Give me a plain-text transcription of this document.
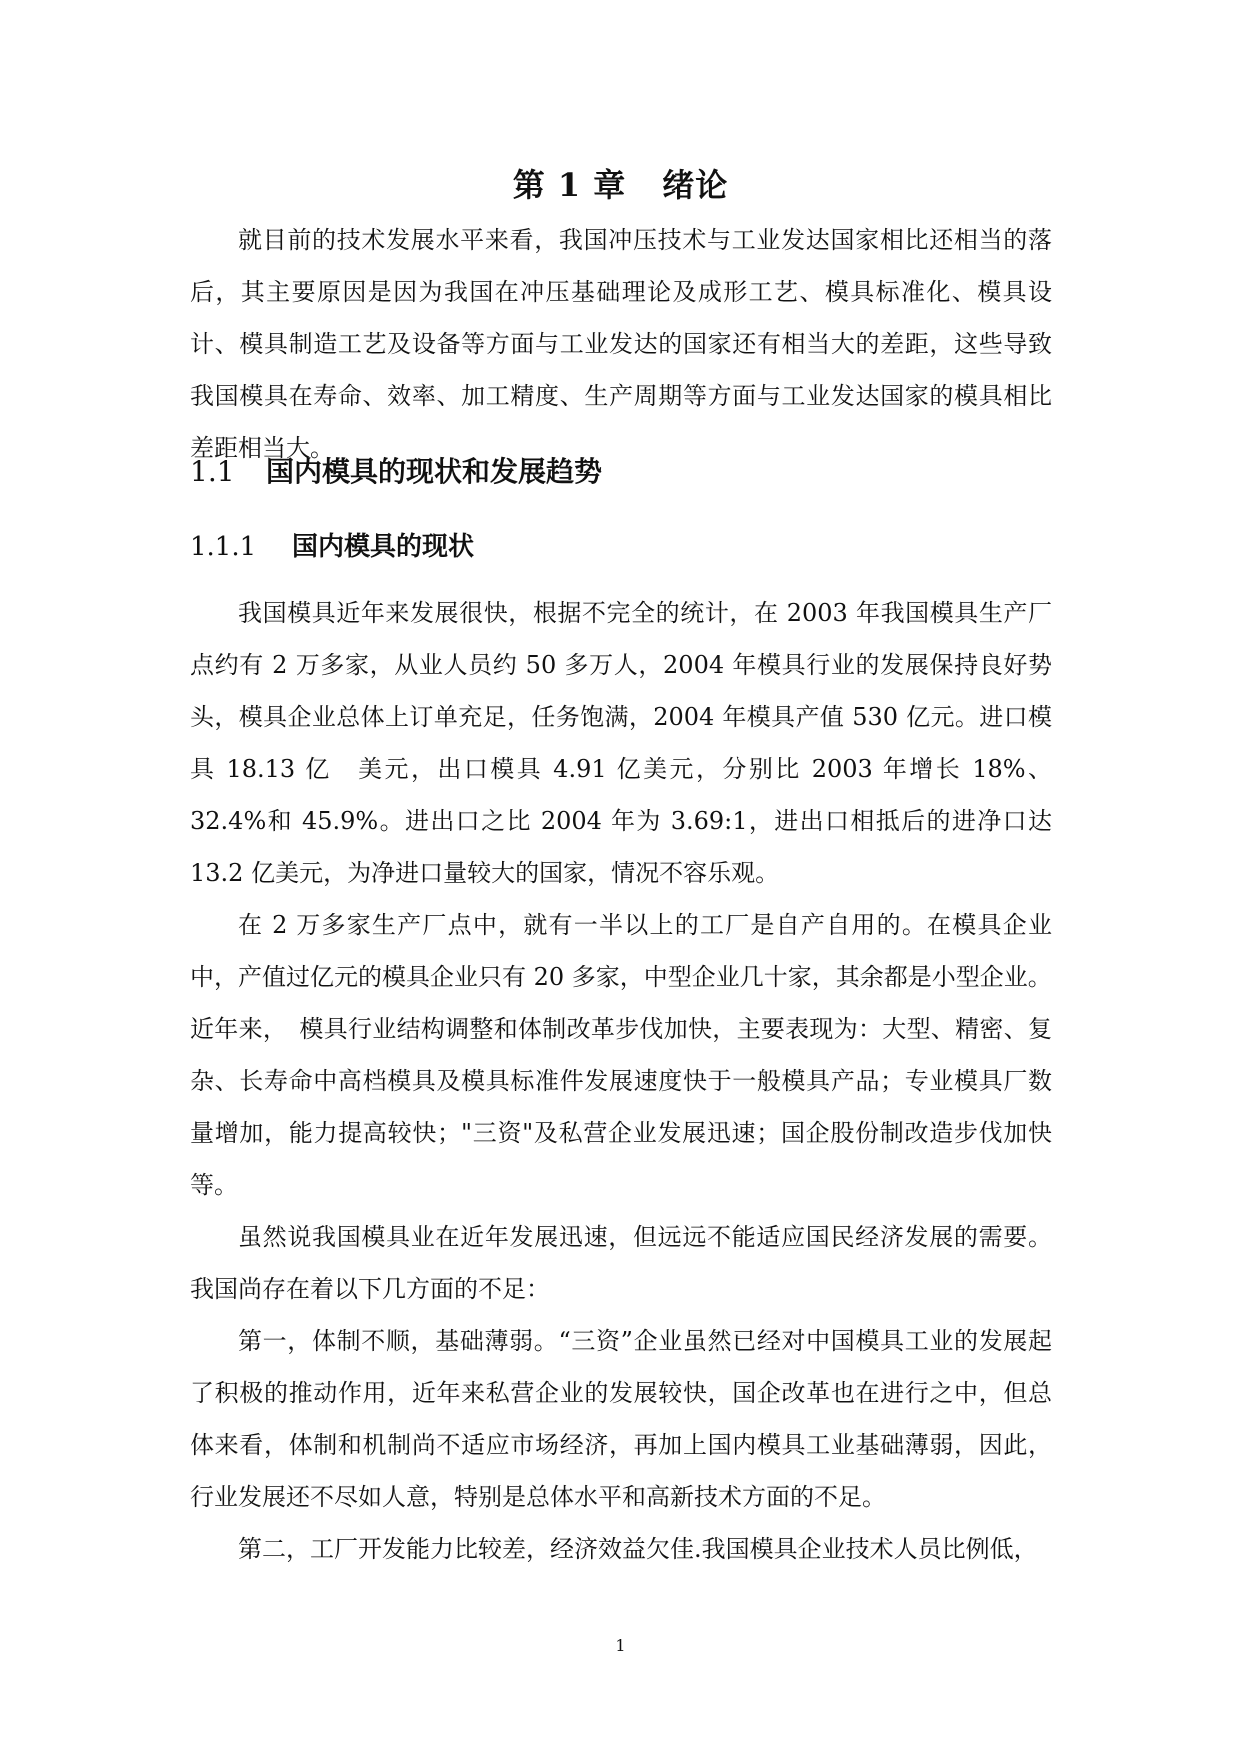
第 1 章 绪论

就目前的技术发展水平来看，我国冲压技术与工业发达国家相比还相当的落后，其主要原因是因为我国在冲压基础理论及成形工艺、模具标准化、模具设计、模具制造工艺及设备等方面与工业发达的国家还有相当大的差距，这些导致我国模具在寿命、效率、加工精度、生产周期等方面与工业发达国家的模具相比差距相当大。

1.1 国内模具的现状和发展趋势
1.1.1 国内模具的现状

我国模具近年来发展很快，根据不完全的统计，在 2003 年我国模具生产厂点约有 2 万多家，从业人员约 50 多万人，2004 年模具行业的发展保持良好势头，模具企业总体上订单充足，任务饱满，2004 年模具产值 530 亿元。进口模具 18.13 亿　美元，出口模具 4.91 亿美元，分别比 2003 年增长 18%、32.4%和 45.9%。进出口之比 2004 年为 3.69:1，进出口相抵后的进净口达 13.2 亿美元，为净进口量较大的国家，情况不容乐观。

在 2 万多家生产厂点中，就有一半以上的工厂是自产自用的。在模具企业中，产值过亿元的模具企业只有 20 多家，中型企业几十家，其余都是小型企业。

近年来，　模具行业结构调整和体制改革步伐加快，主要表现为：大型、精密、复杂、长寿命中高档模具及模具标准件发展速度快于一般模具产品；专业模具厂数量增加，能力提高较快；"三资"及私营企业发展迅速；国企股份制改造步伐加快等。

虽然说我国模具业在近年发展迅速，但远远不能适应国民经济发展的需要。我国尚存在着以下几方面的不足：

第一，体制不顺，基础薄弱。“三资”企业虽然已经对中国模具工业的发展起了积极的推动作用，近年来私营企业的发展较快，国企改革也在进行之中，但总体来看，体制和机制尚不适应市场经济，再加上国内模具工业基础薄弱，因此，行业发展还不尽如人意，特别是总体水平和高新技术方面的不足。

第二，工厂开发能力比较差，经济效益欠佳.我国模具企业技术人员比例低，

1
